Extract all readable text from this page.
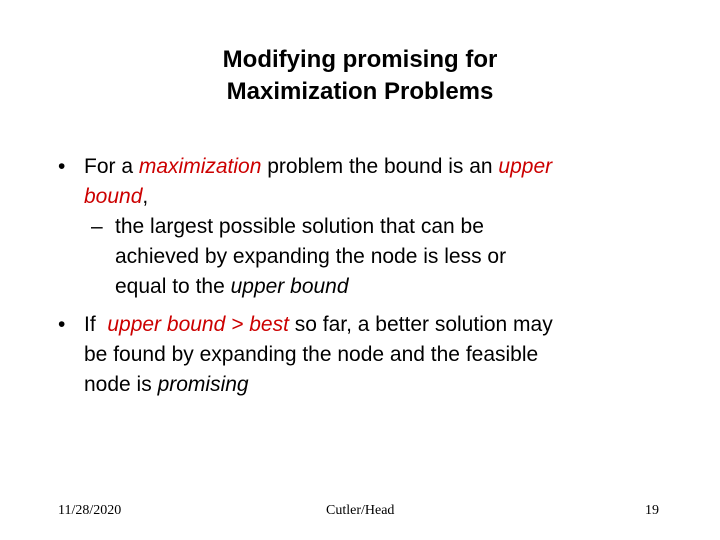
Modifying promising for
Maximization Problems
• For a maximization problem the bound is an upper
bound,
– the largest possible solution that can be
achieved by expanding the node is less or
equal to the upper bound
• If  upper bound > best so far, a better solution may
be found by expanding the node and the feasible
node is promising
11/28/2020	Cutler/Head	19
